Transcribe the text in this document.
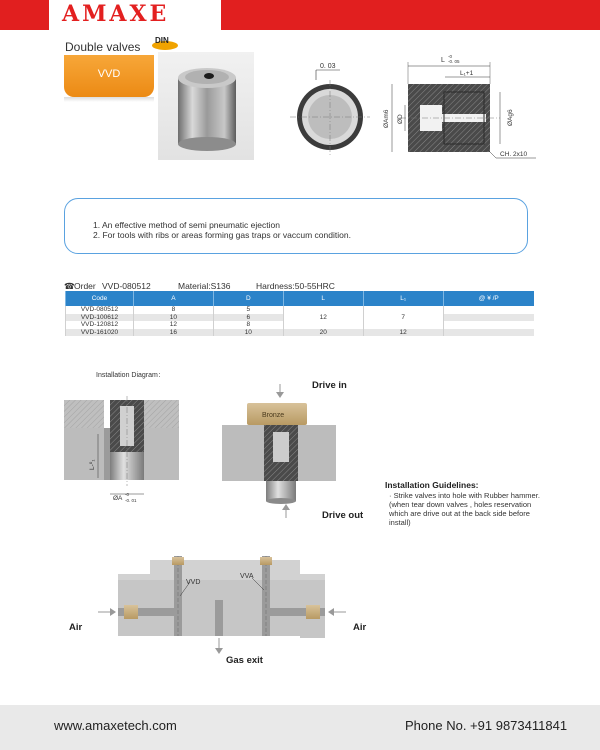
AMAXE
Double valves DIN
VVD
0. 03
L
-0
-0. 05
L₁+1
ØAm6 ØD	ØAg6
CH. 2x10
L-⁰₁
ØA
-0
-0. 01
Bronze
VVD
VVA
1. An effective method of semi pneumatic ejection
2. For tools with ribs or areas forming gas traps or vaccum condition.
☎ Order VVD-080512	Material:S136	Hardness:50-55HRC
Code	A	D	L	L₁	@ ¥ /P
VVD-080512	8	5	12	7	
VVD-100612	10	6			
VVD-120812	12	8			
VVD-161020	16	10	20	12	
Installation Diagram：
Drive in
Drive out
Installation Guidelines:
· Strike valves into hole with Rubber hammer.(when tear down valves , holes reservation which are drive out at the back side before install)
Air	Air
Gas exit
www.amaxetech.com	Phone No. +91 9873411841
